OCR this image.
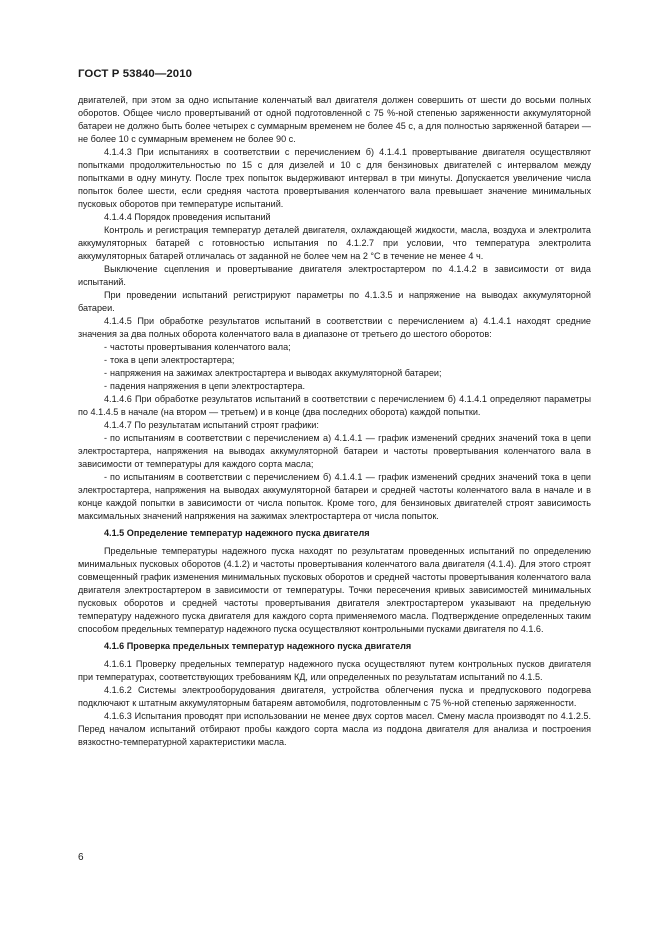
ГОСТ Р 53840—2010

двигателей, при этом за одно испытание коленчатый вал двигателя должен совершить от шести до восьми полных оборотов. Общее число провертываний от одной подготовленной с 75 %-ной степенью заряженности аккумуляторной батареи не должно быть более четырех с суммарным временем не более 45 с, а для полностью заряженной батареи — не более 10 с суммарным временем не более 90 с.

4.1.4.3 При испытаниях в соответствии с перечислением б) 4.1.4.1 провертывание двигателя осуществляют попытками продолжительностью по 15 с для дизелей и 10 с для бензиновых двигателей с интервалом между попытками в одну минуту. После трех попыток выдерживают интервал в три минуты. Допускается увеличение числа попыток более шести, если средняя частота провертывания коленчатого вала превышает значение минимальных пусковых оборотов при температуре испытаний.

4.1.4.4 Порядок проведения испытаний

Контроль и регистрация температур деталей двигателя, охлаждающей жидкости, масла, воздуха и электролита аккумуляторных батарей с готовностью испытания по 4.1.2.7 при условии, что температура электролита аккумуляторных батарей отличалась от заданной не более чем на 2 °С в течение не менее 4 ч.

Выключение сцепления и провертывание двигателя электростартером по 4.1.4.2 в зависимости от вида испытаний.

При проведении испытаний регистрируют параметры по 4.1.3.5 и напряжение на выводах аккумуляторной батареи.

4.1.4.5 При обработке результатов испытаний в соответствии с перечислением а) 4.1.4.1 находят средние значения за два полных оборота коленчатого вала в диапазоне от третьего до шестого оборотов:

- частоты провертывания коленчатого вала;

- тока в цепи электростартера;

- напряжения на зажимах электростартера и выводах аккумуляторной батареи;

- падения напряжения в цепи электростартера.

4.1.4.6 При обработке результатов испытаний в соответствии с перечислением б) 4.1.4.1 определяют параметры по 4.1.4.5 в начале (на втором — третьем) и в конце (два последних оборота) каждой попытки.

4.1.4.7 По результатам испытаний строят графики:

- по испытаниям в соответствии с перечислением а) 4.1.4.1 — график изменений средних значений тока в цепи электростартера, напряжения на выводах аккумуляторной батареи и частоты провертывания коленчатого вала в зависимости от температуры для каждого сорта масла;

- по испытаниям в соответствии с перечислением б) 4.1.4.1 — график изменений средних значений тока в цепи электростартера, напряжения на выводах аккумуляторной батареи и средней частоты коленчатого вала в начале и в конце каждой попытки в зависимости от числа попыток. Кроме того, для бензиновых двигателей строят зависимость максимальных значений напряжения на зажимах электростартера от числа попыток.

4.1.5 Определение температур надежного пуска двигателя

Предельные температуры надежного пуска находят по результатам проведенных испытаний по определению минимальных пусковых оборотов (4.1.2) и частоты провертывания коленчатого вала двигателя (4.1.4). Для этого строят совмещенный график изменения минимальных пусковых оборотов и средней частоты провертывания коленчатого вала двигателя электростартером в зависимости от температуры. Точки пересечения кривых зависимостей минимальных пусковых оборотов и средней частоты провертывания двигателя электростартером указывают на предельную температуру надежного пуска двигателя для каждого сорта применяемого масла. Подтверждение определенных таким способом предельных температур надежного пуска осуществляют контрольными пусками двигателя по 4.1.6.

4.1.6 Проверка предельных температур надежного пуска двигателя

4.1.6.1 Проверку предельных температур надежного пуска осуществляют путем контрольных пусков двигателя при температурах, соответствующих требованиям КД, или определенных по результатам испытаний по 4.1.5.

4.1.6.2 Системы электрооборудования двигателя, устройства облегчения пуска и предпускового подогрева подключают к штатным аккумуляторным батареям автомобиля, подготовленным с 75 %-ной степенью заряженности.

4.1.6.3 Испытания проводят при использовании не менее двух сортов масел. Смену масла производят по 4.1.2.5. Перед началом испытаний отбирают пробы каждого сорта масла из поддона двигателя для анализа и построения вязкостно-температурной характеристики масла.

6
